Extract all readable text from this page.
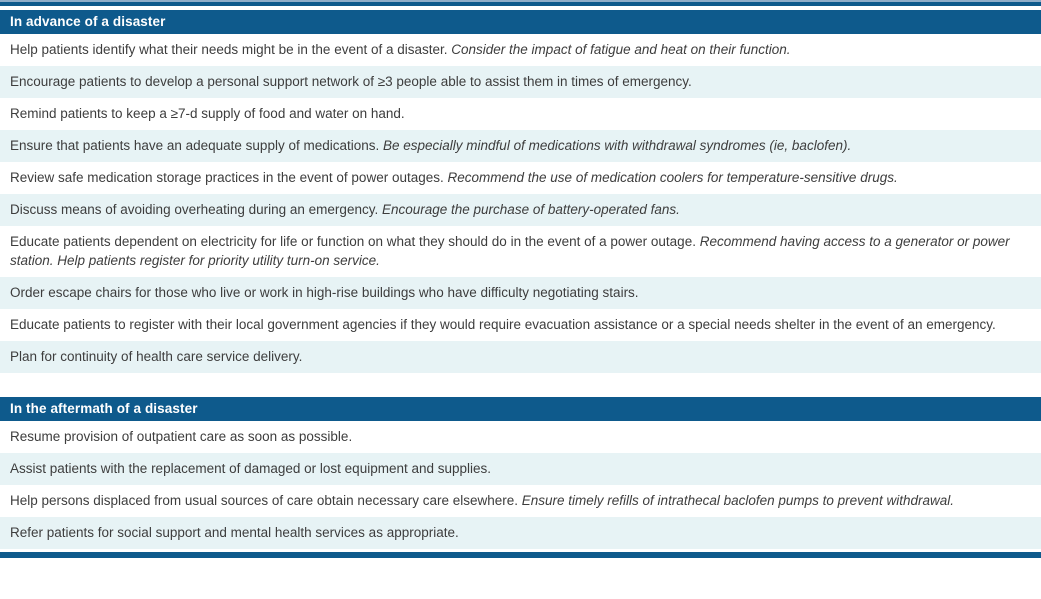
In advance of a disaster
Help patients identify what their needs might be in the event of a disaster. Consider the impact of fatigue and heat on their function.
Encourage patients to develop a personal support network of ≥3 people able to assist them in times of emergency.
Remind patients to keep a ≥7-d supply of food and water on hand.
Ensure that patients have an adequate supply of medications. Be especially mindful of medications with withdrawal syndromes (ie, baclofen).
Review safe medication storage practices in the event of power outages. Recommend the use of medication coolers for temperature-sensitive drugs.
Discuss means of avoiding overheating during an emergency. Encourage the purchase of battery-operated fans.
Educate patients dependent on electricity for life or function on what they should do in the event of a power outage. Recommend having access to a generator or power station. Help patients register for priority utility turn-on service.
Order escape chairs for those who live or work in high-rise buildings who have difficulty negotiating stairs.
Educate patients to register with their local government agencies if they would require evacuation assistance or a special needs shelter in the event of an emergency.
Plan for continuity of health care service delivery.
In the aftermath of a disaster
Resume provision of outpatient care as soon as possible.
Assist patients with the replacement of damaged or lost equipment and supplies.
Help persons displaced from usual sources of care obtain necessary care elsewhere. Ensure timely refills of intrathecal baclofen pumps to prevent withdrawal.
Refer patients for social support and mental health services as appropriate.
